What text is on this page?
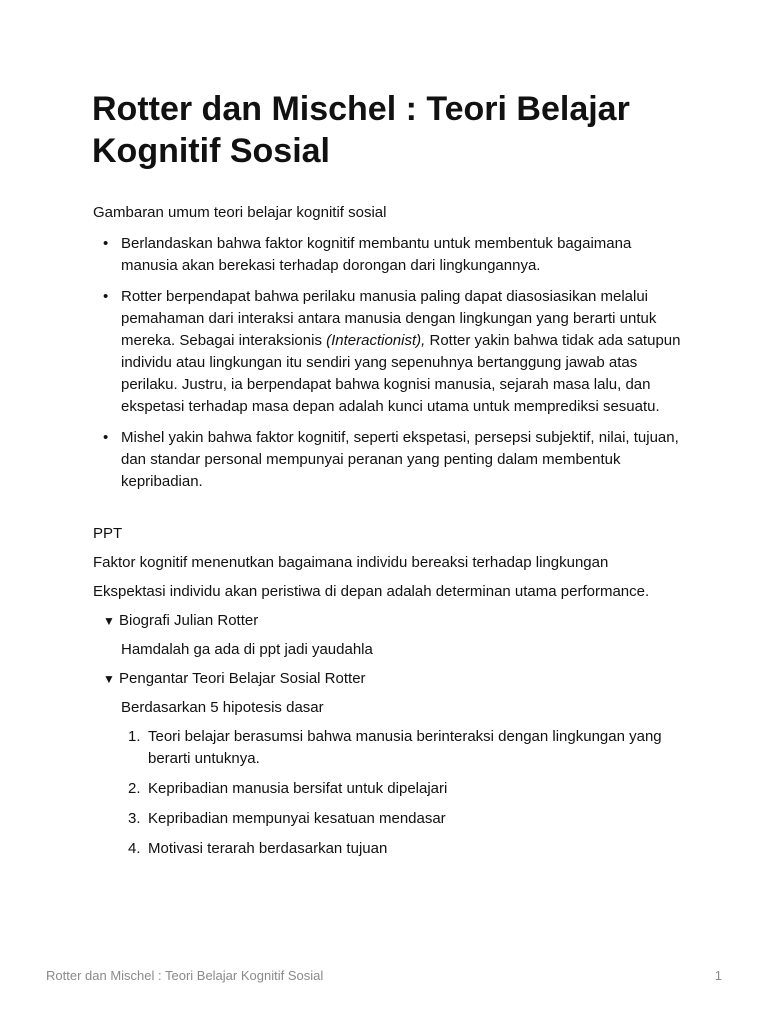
Rotter dan Mischel : Teori Belajar Kognitif Sosial

Gambaran umum teori belajar kognitif sosial

• Berlandaskan bahwa faktor kognitif membantu untuk membentuk bagaimana manusia akan berekasi terhadap dorongan dari lingkungannya.
• Rotter berpendapat bahwa perilaku manusia paling dapat diasosiasikan melalui pemahaman dari interaksi antara manusia dengan lingkungan yang berarti untuk mereka. Sebagai interaksionis (Interactionist), Rotter yakin bahwa tidak ada satupun individu atau lingkungan itu sendiri yang sepenuhnya bertanggung jawab atas perilaku. Justru, ia berpendapat bahwa kognisi manusia, sejarah masa lalu, dan ekspetasi terhadap masa depan adalah kunci utama untuk memprediksi sesuatu.
• Mishel yakin bahwa faktor kognitif, seperti ekspetasi, persepsi subjektif, nilai, tujuan, dan standar personal mempunyai peranan yang penting dalam membentuk kepribadian.

PPT

Faktor kognitif menenutkan bagaimana individu bereaksi terhadap lingkungan

Ekspektasi individu akan peristiwa di depan adalah determinan utama performance.

▼ Biografi Julian Rotter

Hamdalah ga ada di ppt jadi yaudahla

▼ Pengantar Teori Belajar Sosial Rotter

Berdasarkan 5 hipotesis dasar

1. Teori belajar berasumsi bahwa manusia berinteraksi dengan lingkungan yang berarti untuknya.
2. Kepribadian manusia bersifat untuk dipelajari
3. Kepribadian mempunyai kesatuan mendasar
4. Motivasi terarah berdasarkan tujuan
Rotter dan Mischel : Teori Belajar Kognitif Sosial	1
